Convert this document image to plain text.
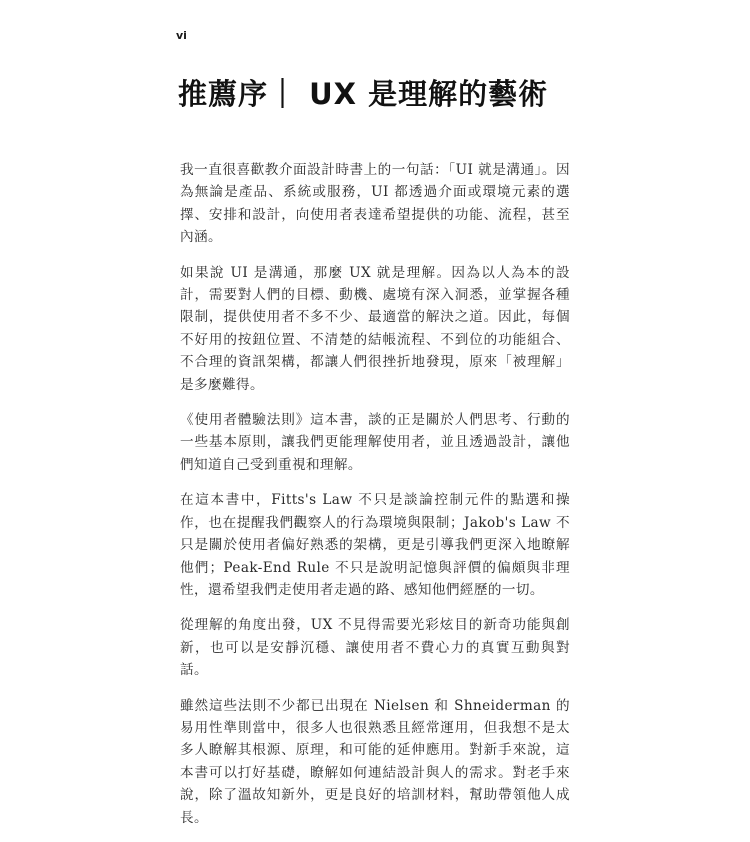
vi
推薦序｜ UX 是理解的藝術

我一直很喜歡教介面設計時書上的一句話：「UI 就是溝通」。因為無論是產品、系統或服務，UI 都透過介面或環境元素的選擇、安排和設計，向使用者表達希望提供的功能、流程，甚至內涵。

如果說 UI 是溝通，那麼 UX 就是理解。因為以人為本的設計，需要對人們的目標、動機、處境有深入洞悉，並掌握各種限制，提供使用者不多不少、最適當的解決之道。因此，每個不好用的按鈕位置、不清楚的結帳流程、不到位的功能組合、不合理的資訊架構，都讓人們很挫折地發現，原來「被理解」是多麼難得。

《使用者體驗法則》這本書，談的正是關於人們思考、行動的一些基本原則，讓我們更能理解使用者，並且透過設計，讓他們知道自己受到重視和理解。

在這本書中，Fitts's Law 不只是談論控制元件的點選和操作，也在提醒我們觀察人的行為環境與限制；Jakob's Law 不只是關於使用者偏好熟悉的架構，更是引導我們更深入地瞭解他們；Peak-End Rule 不只是說明記憶與評價的偏頗與非理性，還希望我們走使用者走過的路、感知他們經歷的一切。

從理解的角度出發，UX 不見得需要光彩炫目的新奇功能與創新，也可以是安靜沉穩、讓使用者不費心力的真實互動與對話。

雖然這些法則不少都已出現在 Nielsen 和 Shneiderman 的易用性準則當中，很多人也很熟悉且經常運用，但我想不是太多人瞭解其根源、原理，和可能的延伸應用。對新手來說，這本書可以打好基礎，瞭解如何連結設計與人的需求。對老手來說，除了溫故知新外，更是良好的培訓材料，幫助帶領他人成長。
